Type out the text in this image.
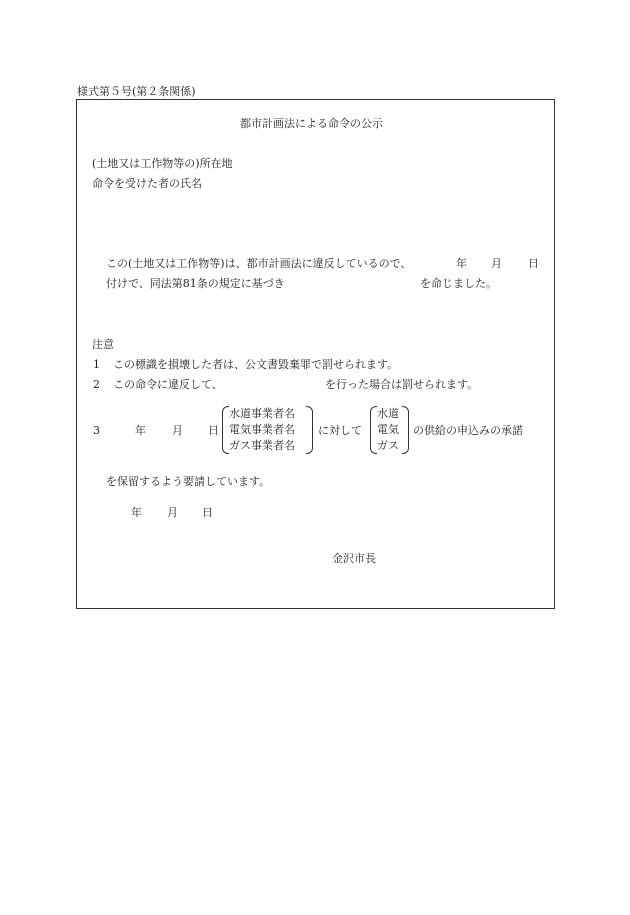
様式第５号(第２条関係)
都市計画法による命令の公示
(土地又は工作物等の)所在地
命令を受けた者の氏名
この(土地又は工作物等)は、都市計画法に違反しているので、	年 月 日
付けで、同法第81条の規定に基づき	を命じました。
注意
1 この標識を損壊した者は、公文書毀棄罪で罰せられます。
2 この命令に違反して、	を行った場合は罰せられます。
3	年 月 日
水道事業者名
電気事業者名
ガス事業者名
に対して
水道
電気
ガス
の供給の申込みの承諾
を保留するよう要請しています。
年 月 日
金沢市長
